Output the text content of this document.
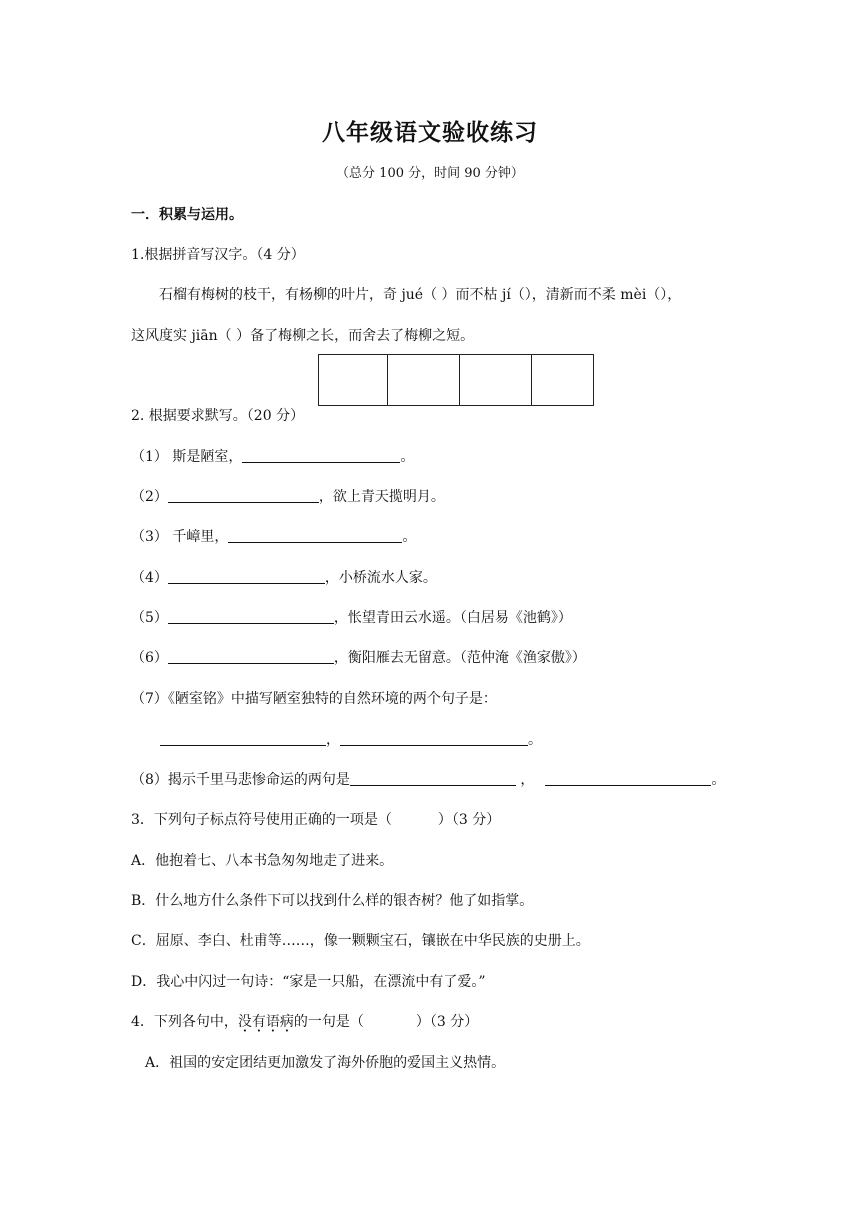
八年级语文验收练习
（总分 100 分，时间 90 分钟）
一．积累与运用。
1.根据拼音写汉字。（4 分）
石榴有梅树的枝干，有杨柳的叶片，奇 jué（ ）而不枯 jí（），清新而不柔 mèi（），
这风度实 jiān（ ）备了梅柳之长，而舍去了梅柳之短。
2. 根据要求默写。（20 分）
（1） 斯是陋室，	。
（2）	，欲上青天揽明月。
（3） 千嶂里，	。
（4）	，小桥流水人家。
（5）	，怅望青田云水遥。（白居易《池鹤》）
（6）	，衡阳雁去无留意。（范仲淹《渔家傲》）
（7）《陋室铭》中描写陋室独特的自然环境的两个句子是：
，	。
（8）揭示千里马悲惨命运的两句是	，	。
3．下列句子标点符号使用正确的一项是（	）（3 分）
A．他抱着七、八本书急匆匆地走了进来。
B．什么地方什么条件下可以找到什么样的银杏树？他了如指掌。
C．屈原、李白、杜甫等……，像一颗颗宝石，镶嵌在中华民族的史册上。
D．我心中闪过一句诗：“家是一只船，在漂流中有了爱。”
4．下列各句中，没有语病的一句是（	）（3 分）
A．祖国的安定团结更加激发了海外侨胞的爱国主义热情。
